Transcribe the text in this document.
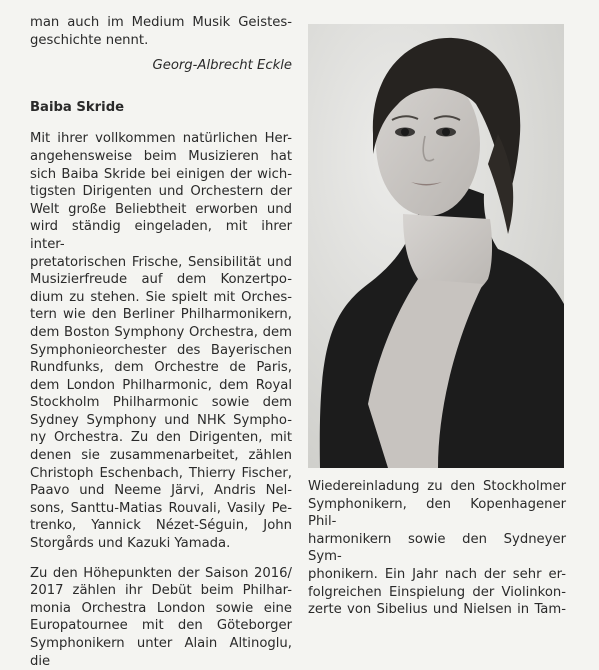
man auch im Medium Musik Geistes-
geschichte nennt.

Georg-Albrecht Eckle
Baiba Skride

Mit ihrer vollkommen natürlichen Her-
angehensweise beim Musizieren hat
sich Baiba Skride bei einigen der wich-
tigsten Dirigenten und Orchestern der
Welt große Beliebtheit erworben und
wird ständig eingeladen, mit ihrer inter-
pretatorischen Frische, Sensibilität und
Musizierfreude auf dem Konzertpo-
dium zu stehen. Sie spielt mit Orches-
tern wie den Berliner Philharmonikern,
dem Boston Symphony Orchestra, dem
Symphonieorchester des Bayerischen
Rundfunks, dem Orchestre de Paris,
dem London Philharmonic, dem Royal
Stockholm Philharmonic sowie dem
Sydney Symphony und NHK Sympho-
ny Orchestra. Zu den Dirigenten, mit
denen sie zusammenarbeitet, zählen
Christoph Eschenbach, Thierry Fischer,
Paavo und Neeme Järvi, Andris Nel-
sons, Santtu-Matias Rouvali, Vasily Pe-
trenko, Yannick Nézet-Séguin, John
Storgårds und Kazuki Yamada.

Zu den Höhepunkten der Saison 2016/
2017 zählen ihr Debüt beim Philhar-
monia Orchestra London sowie eine
Europatournee mit den Göteborger
Symphonikern unter Alain Altinoglu, die

Wiedereinladung zu den Stockholmer
Symphonikern, den Kopenhagener Phil-
harmonikern sowie den Sydneyer Sym-
phonikern. Ein Jahr nach der sehr er-
folgreichen Einspielung der Violinkon-
zerte von Sibelius und Nielsen in Tam-
